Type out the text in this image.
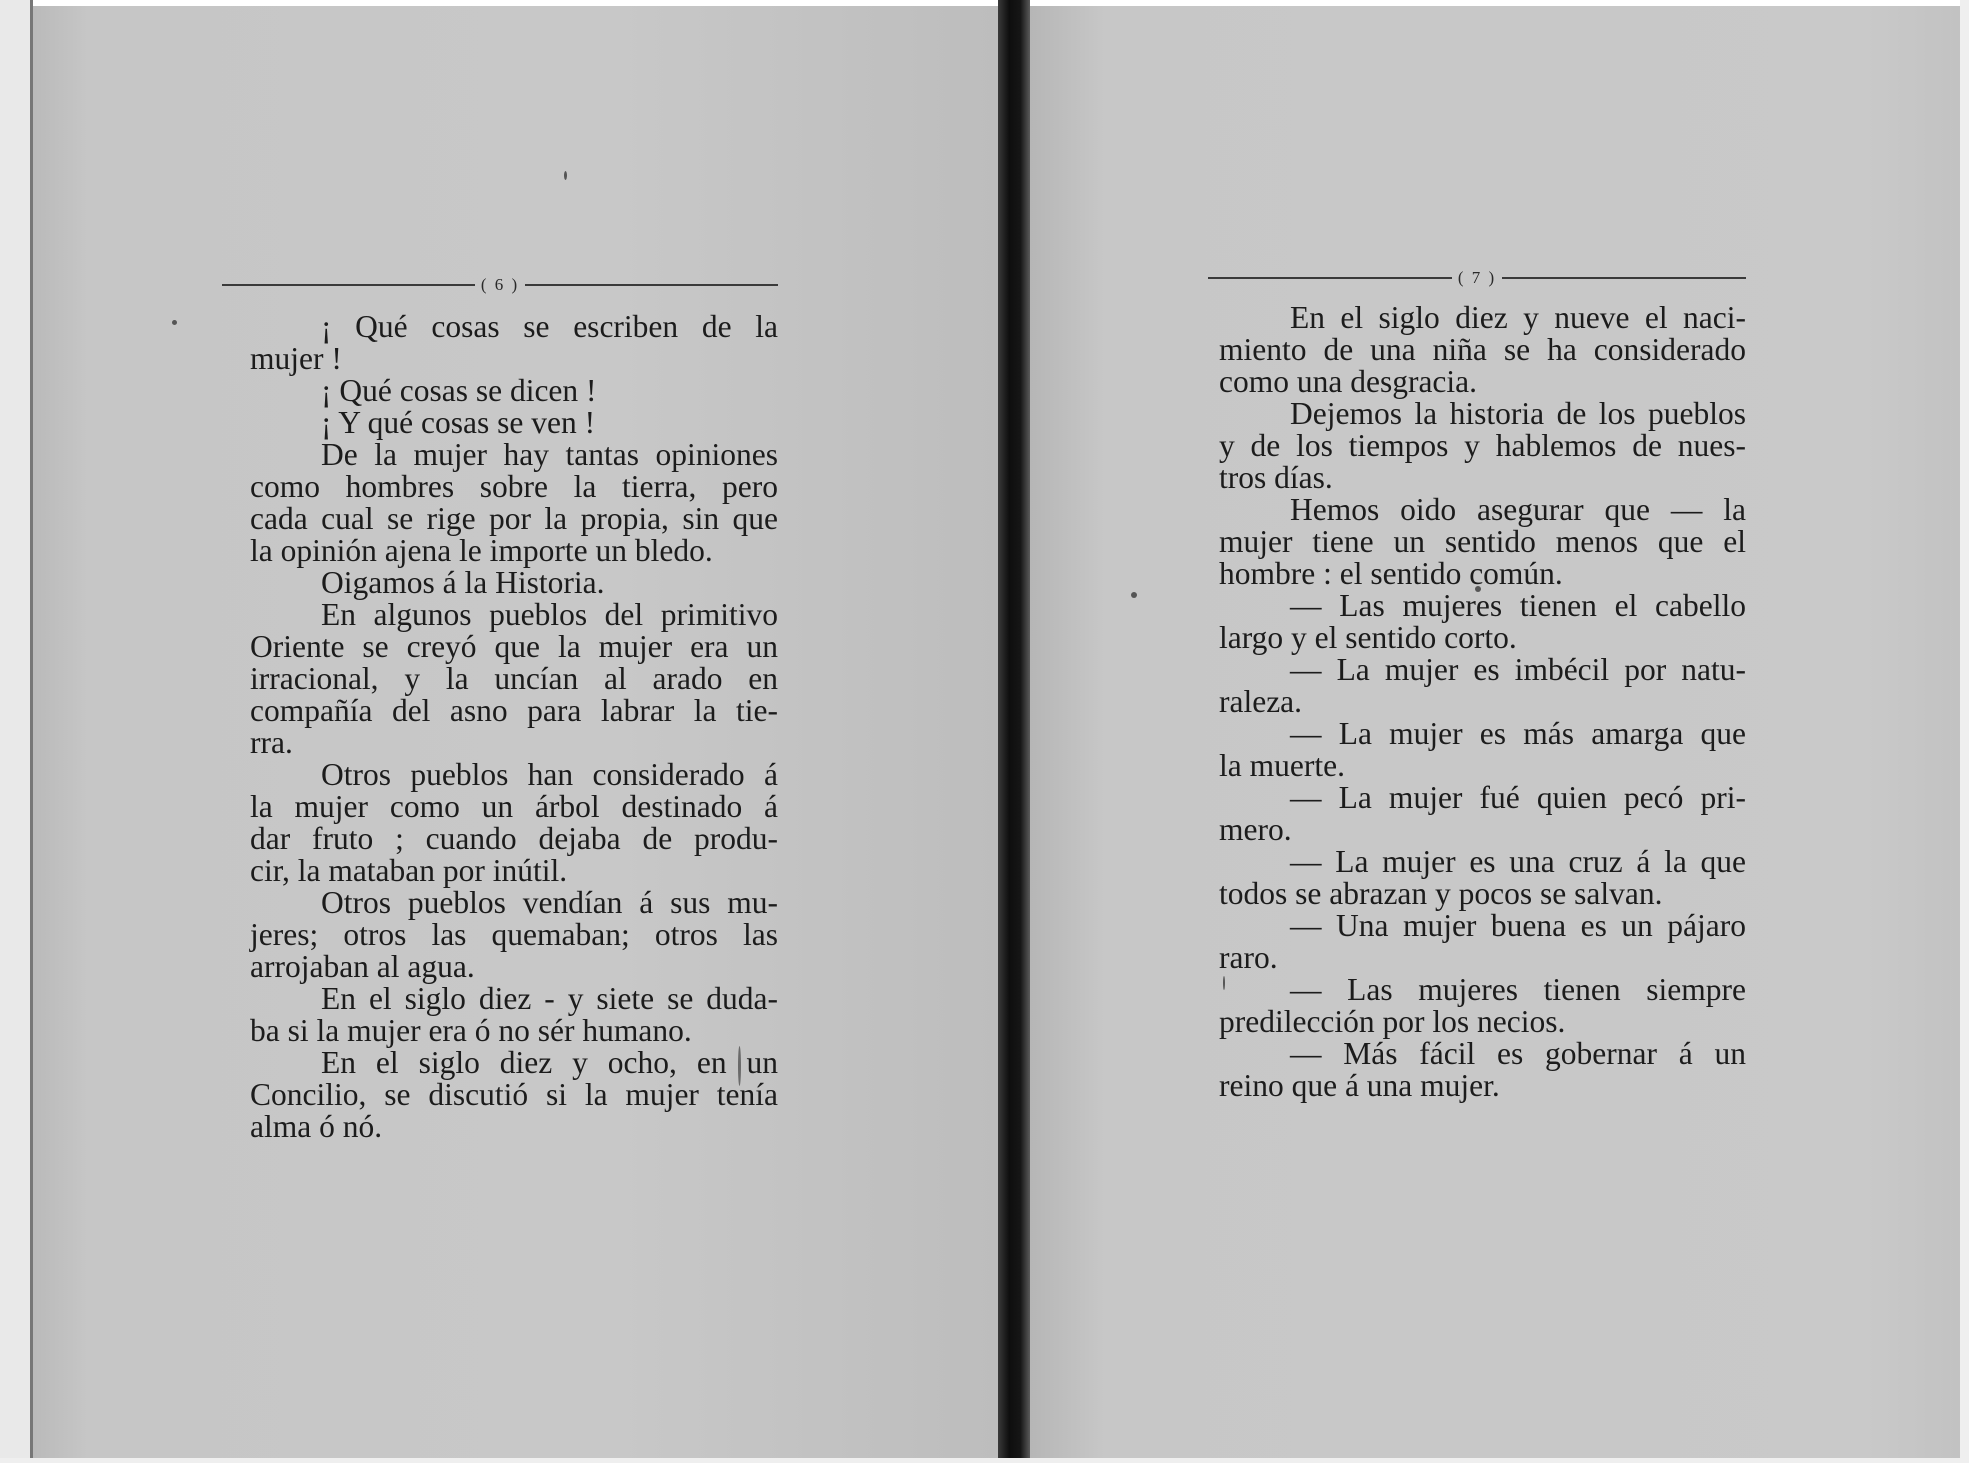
( 6 )	( 7 )
¡ Qué cosas se escriben de la
mujer !
¡ Qué cosas se dicen !
¡ Y qué cosas se ven !
De la mujer hay tantas opiniones
como hombres sobre la tierra, pero
cada cual se rige por la propia, sin que
la opinión ajena le importe un bledo.
Oigamos á la Historia.
En algunos pueblos del primitivo
Oriente se creyó que la mujer era un
irracional, y la uncían al arado en
compañía del asno para labrar la tie-
rra.
Otros pueblos han considerado á
la mujer como un árbol destinado á
dar fruto ; cuando dejaba de produ-
cir, la mataban por inútil.
Otros pueblos vendían á sus mu-
jeres; otros las quemaban; otros las
arrojaban al agua.
En el siglo diez - y siete se duda-
ba si la mujer era ó no sér humano.
En el siglo diez y ocho, en un
Concilio, se discutió si la mujer tenía
alma ó nó.
En el siglo diez y nueve el naci-
miento de una niña se ha considerado
como una desgracia.
Dejemos la historia de los pueblos
y de los tiempos y hablemos de nues-
tros días.
Hemos oido asegurar que — la
mujer tiene un sentido menos que el
hombre : el sentido común.
— Las mujeres tienen el cabello
largo y el sentido corto.
— La mujer es imbécil por natu-
raleza.
— La mujer es más amarga que
la muerte.
— La mujer fué quien pecó pri-
mero.
— La mujer es una cruz á la que
todos se abrazan y pocos se salvan.
— Una mujer buena es un pájaro
raro.
— Las mujeres tienen siempre
predilección por los necios.
— Más fácil es gobernar á un
reino que á una mujer.
